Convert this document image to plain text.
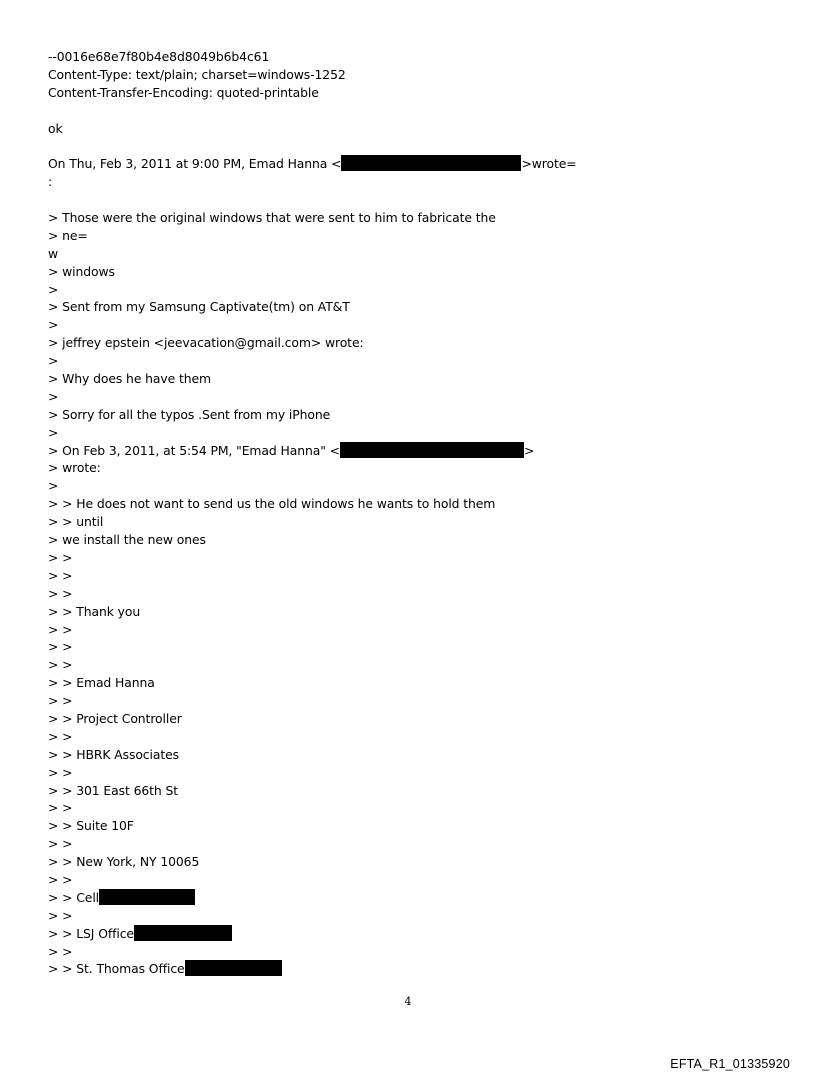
--0016e68e7f80b4e8d8049b6b4c61
Content-Type: text/plain; charset=windows-1252
Content-Transfer-Encoding: quoted-printable
ok
On Thu, Feb 3, 2011 at 9:00 PM, Emad Hanna <	>wrote=
:
> Those were the original windows that were sent to him to fabricate the
> ne=
w
> windows
>
> Sent from my Samsung Captivate(tm) on AT&T
>
> jeffrey epstein <jeevacation@gmail.com> wrote:
>
> Why does he have them
>
> Sorry for all the typos .Sent from my iPhone
>
> On Feb 3, 2011, at 5:54 PM, "Emad Hanna" <	>
> wrote:
>
> > He does not want to send us the old windows he wants to hold them
> > until
> we install the new ones
> >
> >
> >
> > Thank you
> >
> >
> >
> > Emad Hanna
> >
> > Project Controller
> >
> > HBRK Associates
> >
> > 301 East 66th St
> >
> > Suite 10F
> >
> > New York, NY 10065
> >
> > Cell
> >
> > LSJ Office
> >
> > St. Thomas Office
4
EFTA_R1_01335920
